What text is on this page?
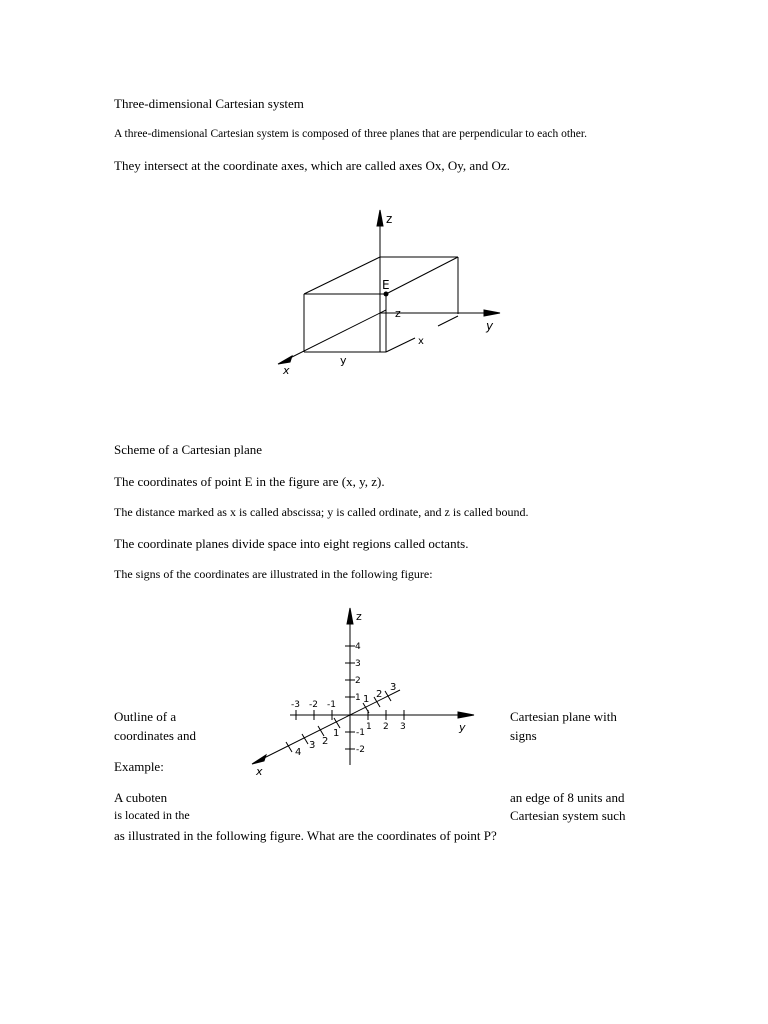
Three-dimensional Cartesian system

A three-dimensional Cartesian system is composed of three planes that are perpendicular to each other.

They intersect at the coordinate axes, which are called axes Ox, Oy, and Oz.

z
y
x
E
z
y
x

Scheme of a Cartesian plane

The coordinates of point E in the figure are (x, y, z).

The distance marked as x is called abscissa; y is called ordinate, and z is called bound.

The coordinate planes divide space into eight regions called octants.

The signs of the coordinates are illustrated in the following figure:

z
y
x
1
2
3
4
-1
-2
1 2 3
-3 -2 -1
1
2
3
4
1 2
3

Outline of a

coordinates and

Cartesian plane with

signs

Example:

A cuboten

is located in the

an edge of 8 units and

Cartesian system such

as illustrated in the following figure. What are the coordinates of point P?
